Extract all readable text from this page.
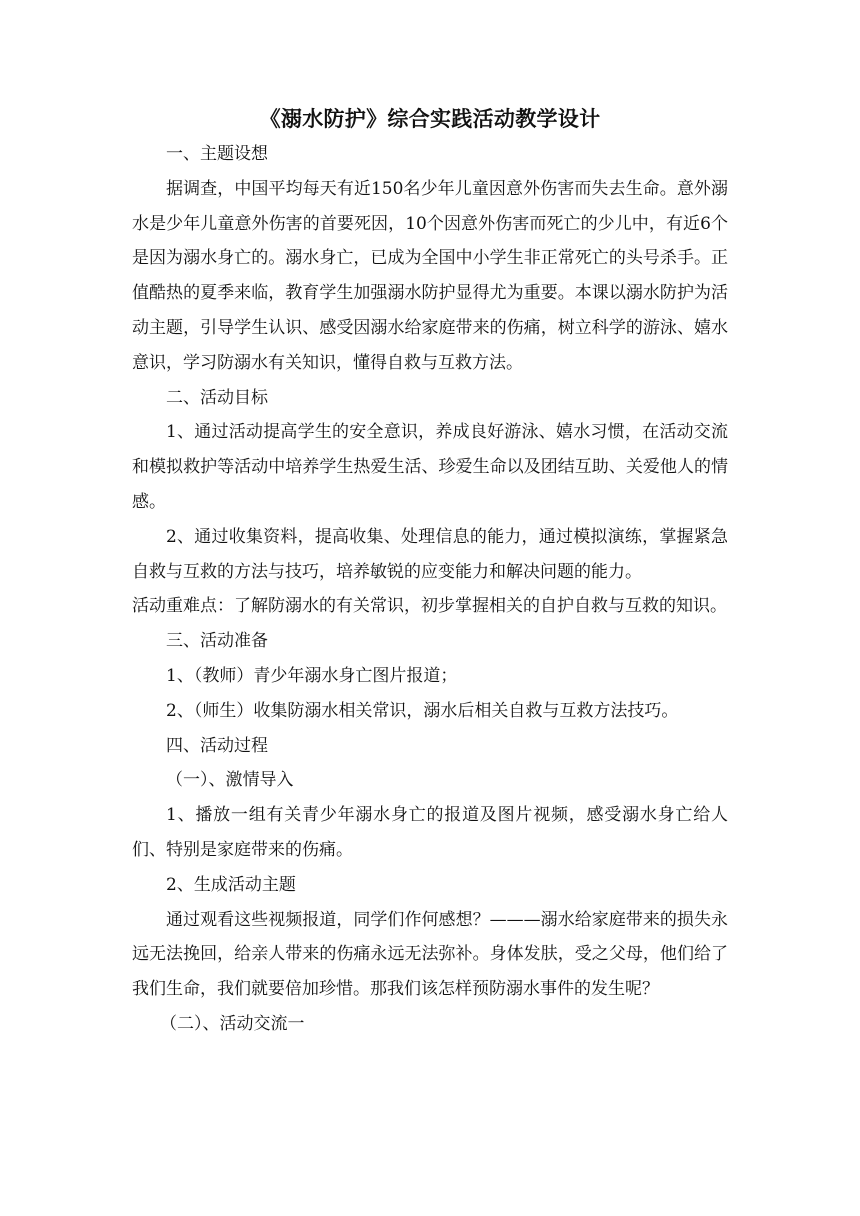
《溺水防护》综合实践活动教学设计

一、主题设想

据调查，中国平均每天有近150名少年儿童因意外伤害而失去生命。意外溺水是少年儿童意外伤害的首要死因，10个因意外伤害而死亡的少儿中，有近6个是因为溺水身亡的。溺水身亡，已成为全国中小学生非正常死亡的头号杀手。正值酷热的夏季来临，教育学生加强溺水防护显得尤为重要。本课以溺水防护为活动主题，引导学生认识、感受因溺水给家庭带来的伤痛，树立科学的游泳、嬉水意识，学习防溺水有关知识，懂得自救与互救方法。

二、活动目标

1、通过活动提高学生的安全意识，养成良好游泳、嬉水习惯，在活动交流和模拟救护等活动中培养学生热爱生活、珍爱生命以及团结互助、关爱他人的情感。

2、通过收集资料，提高收集、处理信息的能力，通过模拟演练，掌握紧急自救与互救的方法与技巧，培养敏锐的应变能力和解决问题的能力。

活动重难点：了解防溺水的有关常识，初步掌握相关的自护自救与互救的知识。

三、活动准备

1、（教师）青少年溺水身亡图片报道；

2、（师生）收集防溺水相关常识，溺水后相关自救与互救方法技巧。

四、活动过程

（一）、激情导入

1、播放一组有关青少年溺水身亡的报道及图片视频，感受溺水身亡给人们、特别是家庭带来的伤痛。

2、生成活动主题

通过观看这些视频报道，同学们作何感想？———溺水给家庭带来的损失永远无法挽回，给亲人带来的伤痛永远无法弥补。身体发肤，受之父母，他们给了我们生命，我们就要倍加珍惜。那我们该怎样预防溺水事件的发生呢？

（二）、活动交流一
